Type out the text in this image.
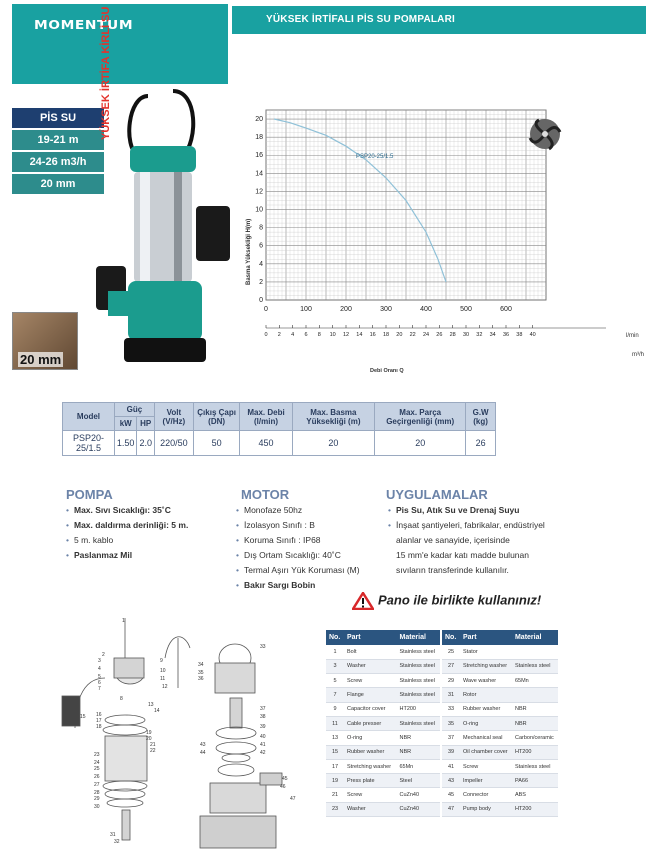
MOMENTUM	YÜKSEK İRTİFALI PİS SU POMPALARI
PİS SU
19-21 m
24-26 m3/h
20 mm
YÜKSEK İRTİFA KİRLİ SU
20 mm
0
2
4
6
8
10
12
14
16
18
20
0	100	200	300	400	500	600
0 2 4 6 8 10 12 14 16 18 20 22 24 26 28 30 32 34 36 38 40
PSP20-25/1.5
Basma Yüksekliği H(m)
Debi Oranı Q
l/min
m³/h
Model	Güç		Volt (V/Hz)	Çıkış Çapı (DN)	Max. Debi (l/min)	Max. Basma Yüksekliği (m)	Max. Parça Geçirgenliği (mm)	G.W (kg)
	kW	HP						
PSP20-25/1.5	1.50	2.0	220/50	50	450	20	20	26
POMPA
• Max. Sıvı Sıcaklığı: 35˚C
• Max. daldırma derinliği: 5 m.
• 5 m. kablo
• Paslanmaz Mil
MOTOR
• Monofaze 50hz
• İzolasyon Sınıfı : B
• Koruma Sınıfı : IP68
• Dış Ortam Sıcaklığı: 40˚C
• Termal Aşırı Yük Koruması (M)
• Bakır Sargı Bobin
UYGULAMALAR
• Pis Su, Atık Su ve Drenaj Suyu
• İnşaat şantiyeleri, fabrikalar, endüstriyel
alanlar ve sanayide, içerisinde
15 mm'e kadar katı madde bulunan
sıvıların transferinde kullanılır.
Pano ile birlikte kullanınız!
1
2
3
4
5
6
7
8
9
10
11
12
13
14
15 16
17
18
19
20
21
22
23
24
25
26
27
28
29
30
31
32
33
34
35
36
37
38
39
40
41
42
43
44
45
46
47
No.	Part	Material
1	Bolt	Stainless steel
3	Washer	Stainless steel
5	Screw	Stainless steel
7	Flange	Stainless steel
9	Capacitor cover	HT200
11	Cable presser	Stainless steel
13	O-ring	NBR
15	Rubber washer	NBR
17	Stretching washer	65Mn
19	Press plate	Steel
21	Screw	CuZn40
23	Washer	CuZn40
No.	Part	Material
25	Stator	
27	Stretching washer	Stainless steel
29	Wave washer	65Mn
31	Rotor	
33	Rubber washer	NBR
35	O-ring	NBR
37	Mechanical seal	Carbon/ceramic
39	Oil chamber cover	HT200
41	Screw	Stainless steel
43	Impeller	PA66
45	Connector	ABS
47	Pump body	HT200
